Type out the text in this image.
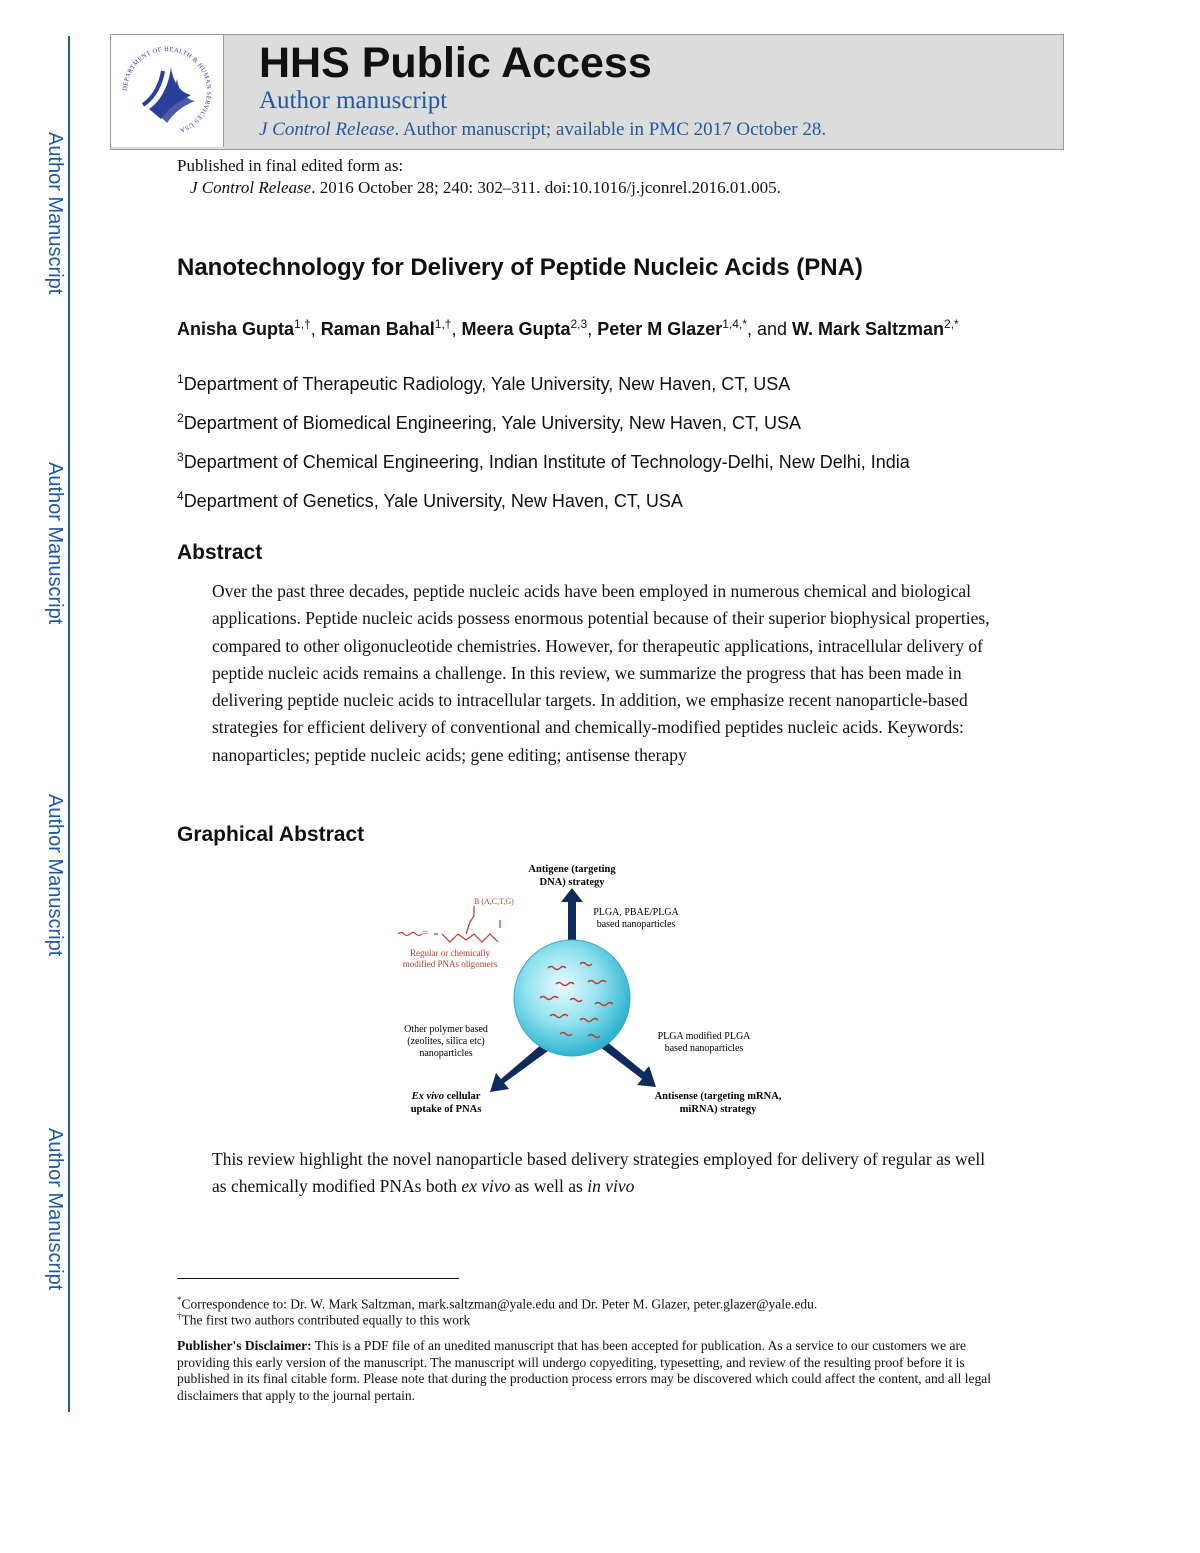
Author Manuscript
Author Manuscript
Author Manuscript
Author Manuscript
DEPARTMENT OF HEALTH & HUMAN SERVICES USA
HHS Public Access
Author manuscript
J Control Release. Author manuscript; available in PMC 2017 October 28.
Published in final edited form as:
J Control Release. 2016 October 28; 240: 302–311. doi:10.1016/j.jconrel.2016.01.005.
Nanotechnology for Delivery of Peptide Nucleic Acids (PNA)
Anisha Gupta$^{1,\dagger}$, Raman Bahal$^{1,\dagger}$, Meera Gupta$^{2,3}$, Peter M Glazer$^{1,4,*}$, and W. Mark Saltzman$^{2,*}$
$^1$Department of Therapeutic Radiology, Yale University, New Haven, CT, USA
$^2$Department of Biomedical Engineering, Yale University, New Haven, CT, USA
$^3$Department of Chemical Engineering, Indian Institute of Technology-Delhi, New Delhi, India
$^4$Department of Genetics, Yale University, New Haven, CT, USA
Abstract

Over the past three decades, peptide nucleic acids have been employed in numerous chemical and biological applications. Peptide nucleic acids possess enormous potential because of their superior biophysical properties, compared to other oligonucleotide chemistries. However, for therapeutic applications, intracellular delivery of peptide nucleic acids remains a challenge. In this review, we summarize the progress that has been made in delivering peptide nucleic acids to intracellular targets. In addition, we emphasize recent nanoparticle-based strategies for efficient delivery of conventional and chemically-modified peptides nucleic acids. Keywords: nanoparticles; peptide nucleic acids; gene editing; antisense therapy

Graphical Abstract
=
B (A,C,T,G)
Regular or chemically
modified PNAs oligomers
Antigene (targeting
DNA) strategy
PLGA, PBAE/PLGA
based nanoparticles
PLGA modified PLGA
based nanoparticles
Other polymer based
(zeolites, silica etc)
nanoparticles
Ex vivo cellular
uptake of PNAs
Antisense (targeting mRNA,
miRNA) strategy

This review highlight the novel nanoparticle based delivery strategies employed for delivery of regular as well as chemically modified PNAs both ex vivo as well as in vivo

*Correspondence to: Dr. W. Mark Saltzman, mark.saltzman@yale.edu and Dr. Peter M. Glazer, peter.glazer@yale.edu.
†The first two authors contributed equally to this work

Publisher's Disclaimer: This is a PDF file of an unedited manuscript that has been accepted for publication. As a service to our customers we are providing this early version of the manuscript. The manuscript will undergo copyediting, typesetting, and review of the resulting proof before it is published in its final citable form. Please note that during the production process errors may be discovered which could affect the content, and all legal disclaimers that apply to the journal pertain.
